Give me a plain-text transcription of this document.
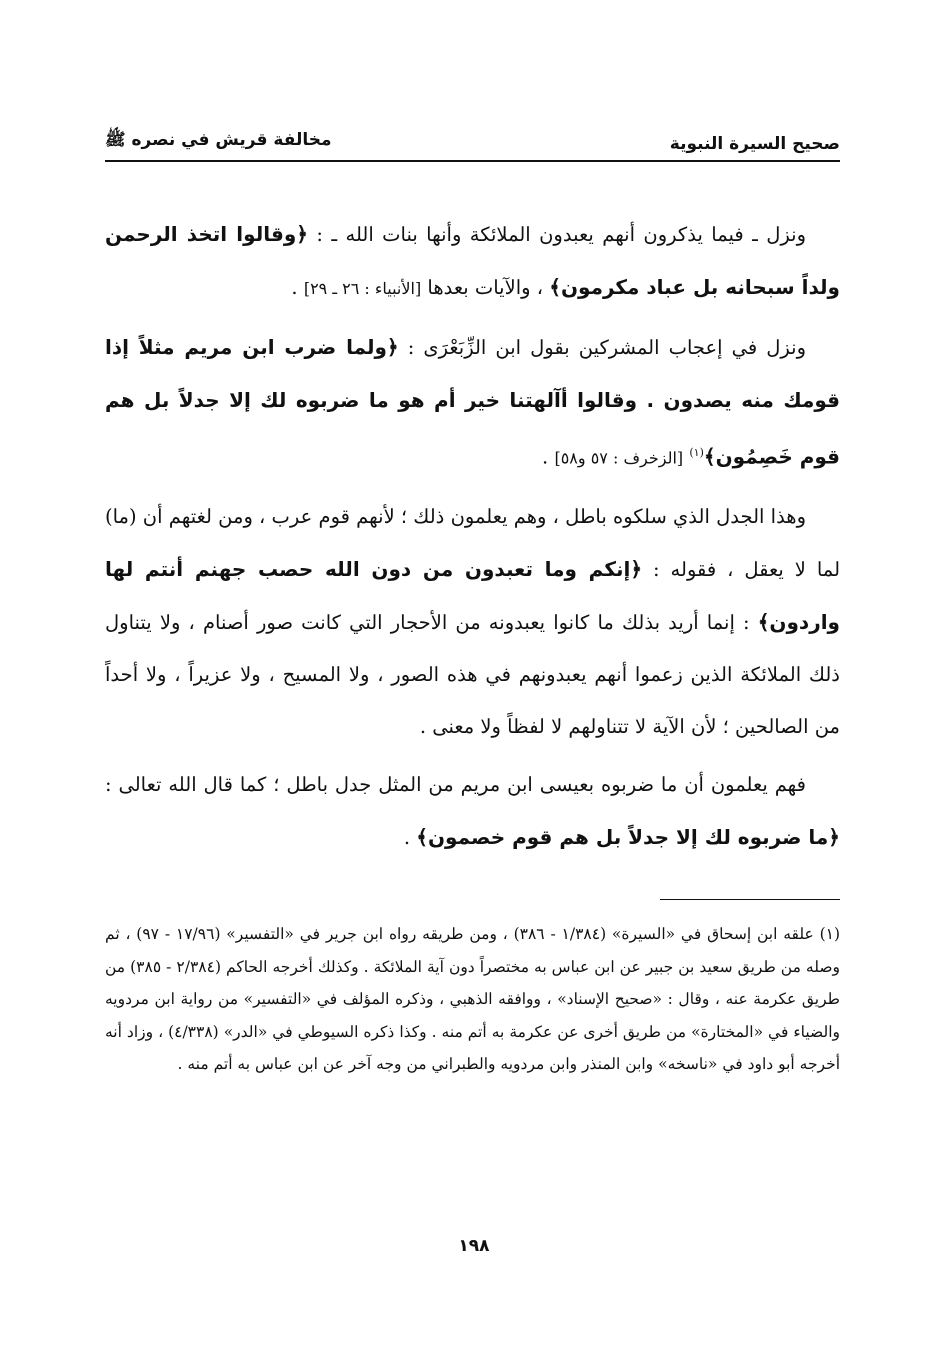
صحيح السيرة النبوية
مخالفة قريش في نصره ﷺ

ونزل ـ فيما يذكرون أنهم يعبدون الملائكة وأنها بنات الله ـ : ﴿وقالوا اتخذ الرحمن ولداً سبحانه بل عباد مكرمون﴾ ، والآيات بعدها [الأنبياء : ٢٦ ـ ٢٩] .

ونزل في إعجاب المشركين بقول ابن الزِّبَعْرَى : ﴿ولما ضرب ابن مريم مثلاً إذا قومك منه يصدون . وقالوا أآلهتنا خير أم هو ما ضربوه لك إلا جدلاً بل هم قوم خَصِمُون﴾$^{(١)}$ [الزخرف : ٥٧ و٥٨] .

وهذا الجدل الذي سلكوه باطل ، وهم يعلمون ذلك ؛ لأنهم قوم عرب ، ومن لغتهم أن (ما) لما لا يعقل ، فقوله : ﴿إنكم وما تعبدون من دون الله حصب جهنم أنتم لها واردون﴾ : إنما أريد بذلك ما كانوا يعبدونه من الأحجار التي كانت صور أصنام ، ولا يتناول ذلك الملائكة الذين زعموا أنهم يعبدونهم في هذه الصور ، ولا المسيح ، ولا عزيراً ، ولا أحداً من الصالحين ؛ لأن الآية لا تتناولهم لا لفظاً ولا معنى .

فهم يعلمون أن ما ضربوه بعيسى ابن مريم من المثل جدل باطل ؛ كما قال الله تعالى : ﴿ما ضربوه لك إلا جدلاً بل هم قوم خصمون﴾ .

(١) علقه ابن إسحاق في «السيرة» (١/٣٨٤ - ٣٨٦) ، ومن طريقه رواه ابن جرير في «التفسير» (١٧/٩٦ - ٩٧) ، ثم وصله من طريق سعيد بن جبير عن ابن عباس به مختصراً دون آية الملائكة . وكذلك أخرجه الحاكم (٢/٣٨٤ - ٣٨٥) من طريق عكرمة عنه ، وقال : «صحيح الإسناد» ، ووافقه الذهبي ، وذكره المؤلف في «التفسير» من رواية ابن مردويه والضياء في «المختارة» من طريق أخرى عن عكرمة به أتم منه . وكذا ذكره السيوطي في «الدر» (٤/٣٣٨) ، وزاد أنه أخرجه أبو داود في «ناسخه» وابن المنذر وابن مردويه والطبراني من وجه آخر عن ابن عباس به أتم منه .

١٩٨
